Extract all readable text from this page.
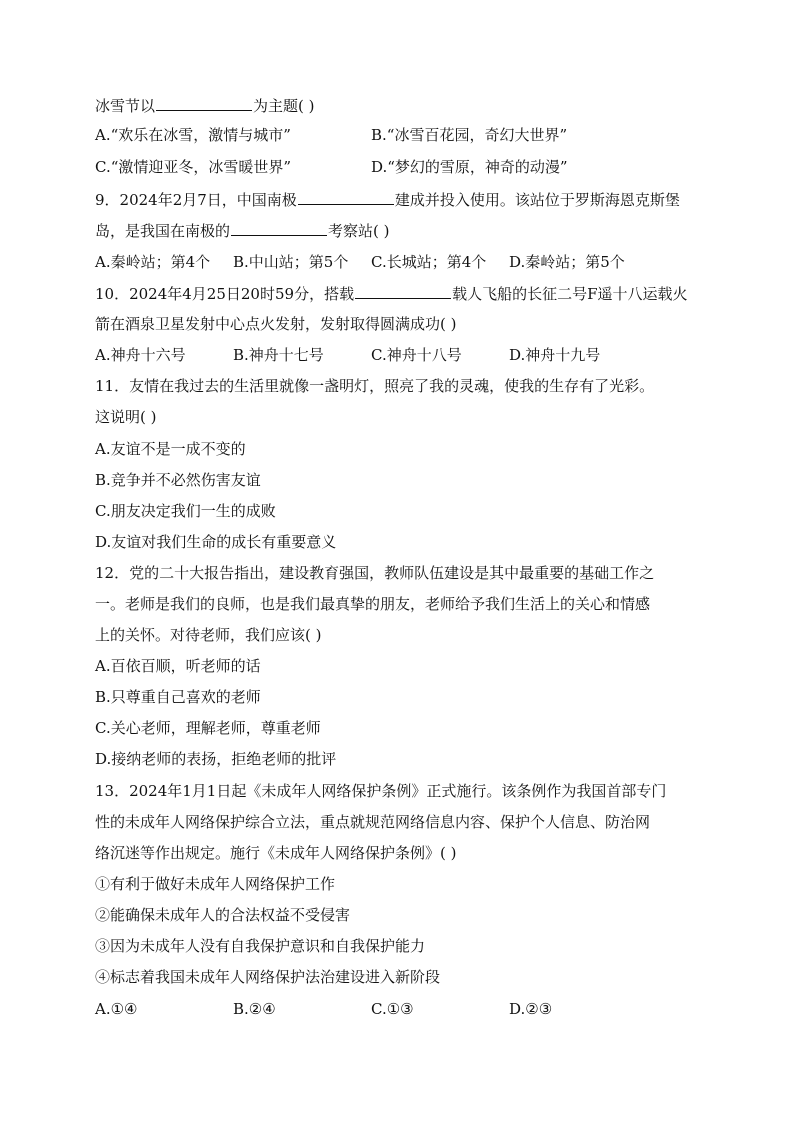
冰雪节以	为主题( )
A.“欢乐在冰雪，激情与城市”	B.“冰雪百花园，奇幻大世界”
C.“激情迎亚冬，冰雪暖世界”	D.“梦幻的雪原，神奇的动漫”
9．2024年2月7日，中国南极	建成并投入使用。该站位于罗斯海恩克斯堡
岛，是我国在南极的	考察站( )
A.秦岭站；第4个 B.中山站；第5个 C.长城站；第4个 D.秦岭站；第5个
10．2024年4月25日20时59分，搭载	载人飞船的长征二号F遥十八运载火
箭在酒泉卫星发射中心点火发射，发射取得圆满成功( )
A.神舟十六号	B.神舟十七号	C.神舟十八号	D.神舟十九号
11．友情在我过去的生活里就像一盏明灯，照亮了我的灵魂，使我的生存有了光彩。
这说明( )
A.友谊不是一成不变的
B.竞争并不必然伤害友谊
C.朋友决定我们一生的成败
D.友谊对我们生命的成长有重要意义
12．党的二十大报告指出，建设教育强国，教师队伍建设是其中最重要的基础工作之
一。老师是我们的良师，也是我们最真挚的朋友，老师给予我们生活上的关心和情感
上的关怀。对待老师，我们应该( )
A.百依百顺，听老师的话
B.只尊重自己喜欢的老师
C.关心老师，理解老师，尊重老师
D.接纳老师的表扬，拒绝老师的批评
13．2024年1月1日起《未成年人网络保护条例》正式施行。该条例作为我国首部专门
性的未成年人网络保护综合立法，重点就规范网络信息内容、保护个人信息、防治网
络沉迷等作出规定。施行《未成年人网络保护条例》( )
①有利于做好未成年人网络保护工作
②能确保未成年人的合法权益不受侵害
③因为未成年人没有自我保护意识和自我保护能力
④标志着我国未成年人网络保护法治建设进入新阶段
A.①④	B.②④	C.①③	D.②③
